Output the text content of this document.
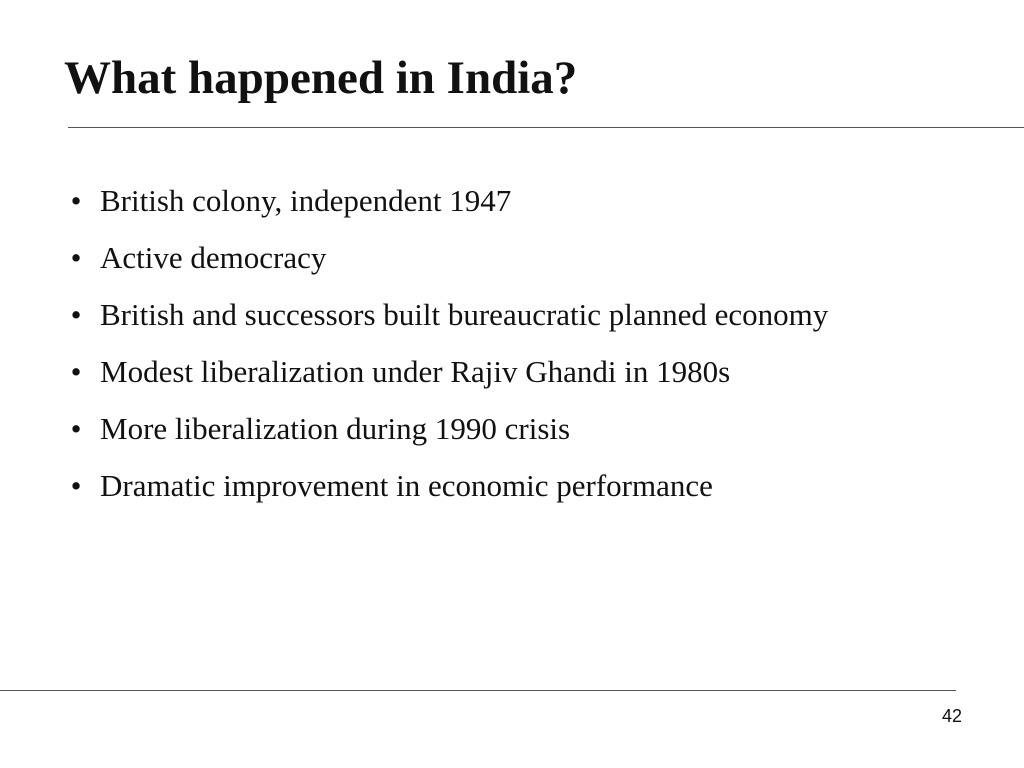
What happened in India?
• British colony, independent 1947
• Active democracy
• British and successors built bureaucratic planned economy
• Modest liberalization under Rajiv Ghandi in 1980s
• More liberalization during 1990 crisis
• Dramatic improvement in economic performance
42
